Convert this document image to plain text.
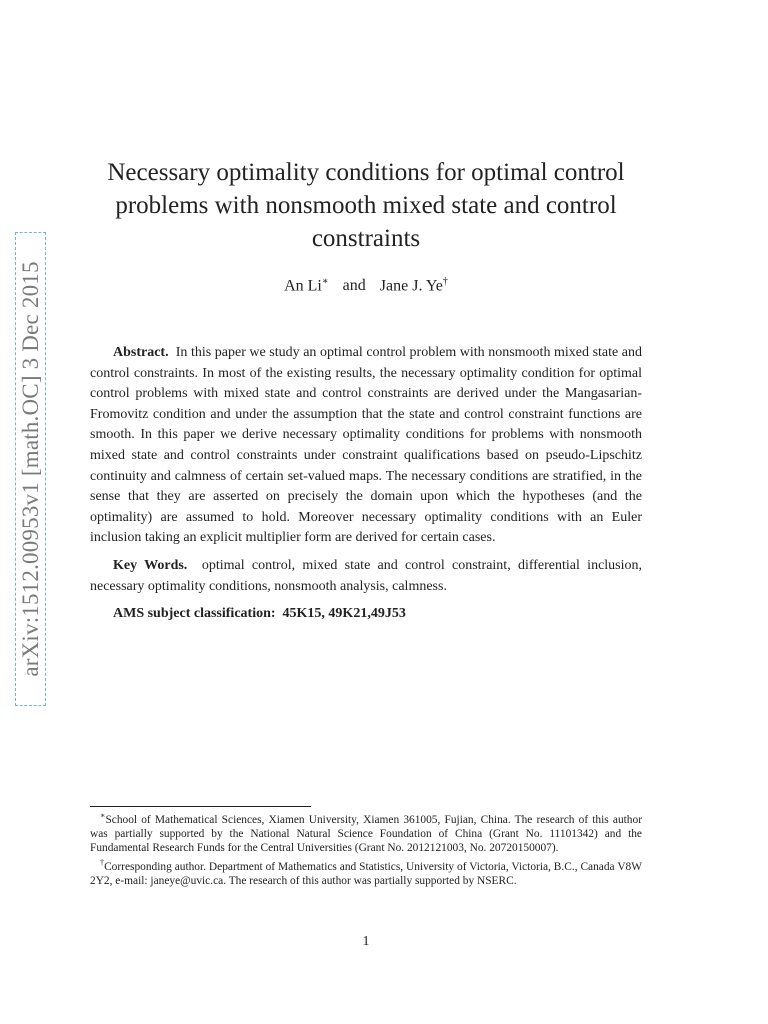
arXiv:1512.00953v1 [math.OC] 3 Dec 2015
Necessary optimality conditions for optimal control problems with nonsmooth mixed state and control constraints
An Li∗ and Jane J. Ye†

Abstract. In this paper we study an optimal control problem with nonsmooth mixed state and control constraints. In most of the existing results, the necessary optimality condition for optimal control problems with mixed state and control constraints are derived under the Mangasarian-Fromovitz condition and under the assumption that the state and control constraint functions are smooth. In this paper we derive necessary optimality conditions for problems with nonsmooth mixed state and control constraints under constraint qualifications based on pseudo-Lipschitz continuity and calmness of certain set-valued maps. The necessary conditions are stratified, in the sense that they are asserted on precisely the domain upon which the hypotheses (and the optimality) are assumed to hold. Moreover necessary optimality conditions with an Euler inclusion taking an explicit multiplier form are derived for certain cases.

Key Words. optimal control, mixed state and control constraint, differential inclusion, necessary optimality conditions, nonsmooth analysis, calmness.

AMS subject classification: 45K15, 49K21,49J53

∗School of Mathematical Sciences, Xiamen University, Xiamen 361005, Fujian, China. The research of this author was partially supported by the National Natural Science Foundation of China (Grant No. 11101342) and the Fundamental Research Funds for the Central Universities (Grant No. 2012121003, No. 20720150007).

†Corresponding author. Department of Mathematics and Statistics, University of Victoria, Victoria, B.C., Canada V8W 2Y2, e-mail: janeye@uvic.ca. The research of this author was partially supported by NSERC.

1
